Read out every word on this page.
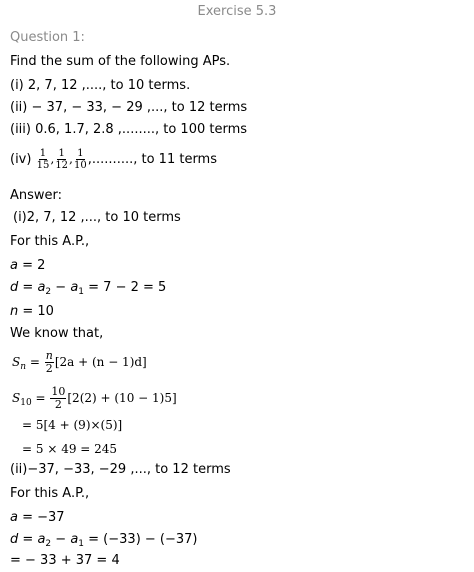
Exercise 5.3
Question 1:
Find the sum of the following APs.
(i) 2, 7, 12 ,...., to 10 terms.
(ii) − 37, − 33, − 29 ,..., to 12 terms
(iii) 0.6, 1.7, 2.8 ,........, to 100 terms
$(iv) \frac{1}{15}$ , $\frac{1}{12}$ , $\frac{1}{10}$ ,.........., to 11 terms
Answer:
(i)2, 7, 12 ,..., to 10 terms
For this A.P.,
a = 2
$d = a_2 - a_1 = 7 - 2 = 5$
n = 10
We know that,
$S_n = \frac{n}{2} [2a + (n - 1)d]$
$S_{10} = \frac{10}{2} [2(2) + (10 - 1)5]$
= 5[4 + (9)×(5)]
= 5 × 49 = 245
(ii)−37, −33, −29 ,..., to 12 terms
For this A.P.,
a = −37
$d = a_2 - a_1 = (-33) - (-37)$
= − 33 + 37 = 4
